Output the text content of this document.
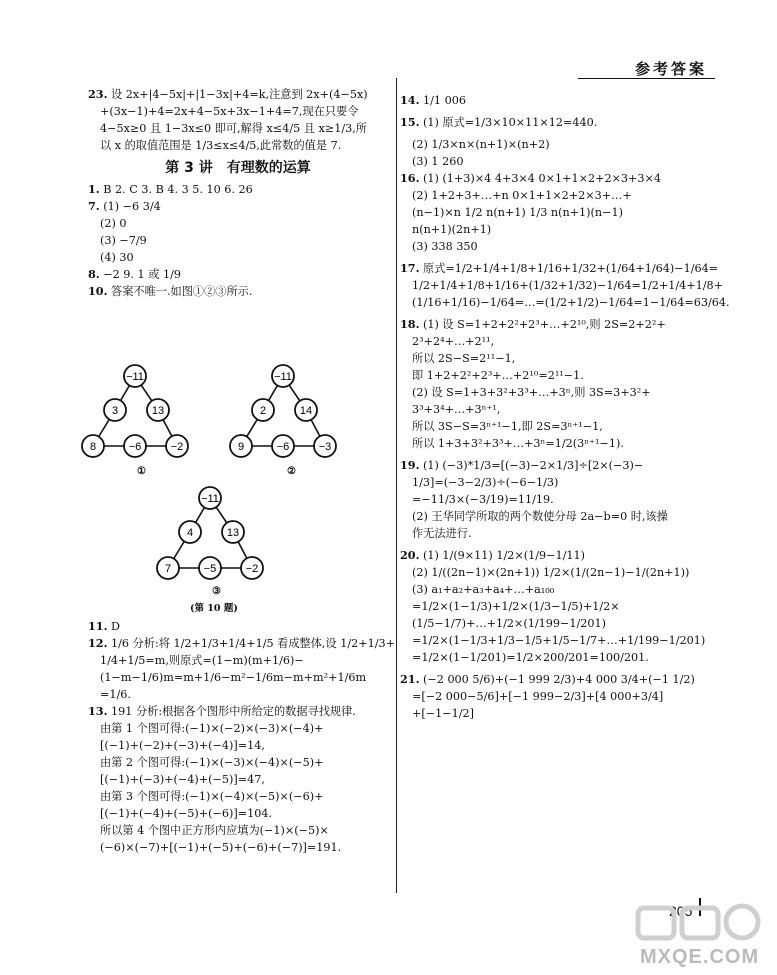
参考答案

23. 设 2x+|4−5x|+|1−3x|+4=k,注意到 2x+(4−5x)

+(3x−1)+4=2x+4−5x+3x−1+4=7,现在只要令

4−5x≥0 且 1−3x≤0 即可,解得 x≤4/5 且 x≥1/3,所

以 x 的取值范围是 1/3≤x≤4/5,此常数的值是 7.

第 3 讲　有理数的运算

1. B 2. C 3. B 4. 3 5. 10 6. 26

7. (1) −6 3/4

(2) 0

(3) −7/9

(4) 30

8. −2 9. 1 或 1/9

10. 答案不唯一.如图①②③所示.

−11
3	13
8	−6	−2
①
−11
2	14
9	−6	−3
②
−11
4	13
7	−5	−2
③
(第 10 题)

11. D

12. 1/6 分析:将 1/2+1/3+1/4+1/5 看成整体,设 1/2+1/3+

1/4+1/5=m,则原式=(1−m)(m+1/6)−

(1−m−1/6)m=m+1/6−m²−1/6m−m+m²+1/6m

=1/6.

13. 191 分析:根据各个图形中所给定的数据寻找规律.

由第 1 个图可得:(−1)×(−2)×(−3)×(−4)+

[(−1)+(−2)+(−3)+(−4)]=14,

由第 2 个图可得:(−1)×(−3)×(−4)×(−5)+

[(−1)+(−3)+(−4)+(−5)]=47,

由第 3 个图可得:(−1)×(−4)×(−5)×(−6)+

[(−1)+(−4)+(−5)+(−6)]=104.

所以第 4 个图中正方形内应填为(−1)×(−5)×

(−6)×(−7)+[(−1)+(−5)+(−6)+(−7)]=191.

14. 1/1 006

15. (1) 原式=1/3×10×11×12=440.

(2) 1/3×n×(n+1)×(n+2)

(3) 1 260

16. (1) (1+3)×4 4+3×4 0×1+1×2+2×3+3×4

(2) 1+2+3+…+n 0×1+1×2+2×3+…+

(n−1)×n 1/2 n(n+1) 1/3 n(n+1)(n−1)

n(n+1)(2n+1)

(3) 338 350

17. 原式=1/2+1/4+1/8+1/16+1/32+(1/64+1/64)−1/64=

1/2+1/4+1/8+1/16+(1/32+1/32)−1/64=1/2+1/4+1/8+

(1/16+1/16)−1/64=…=(1/2+1/2)−1/64=1−1/64=63/64.

18. (1) 设 S=1+2+2²+2³+…+2¹⁰,则 2S=2+2²+

2³+2⁴+…+2¹¹,

所以 2S−S=2¹¹−1,

即 1+2+2²+2³+…+2¹⁰=2¹¹−1.

(2) 设 S=1+3+3²+3³+…+3ⁿ,则 3S=3+3²+

3³+3⁴+…+3ⁿ⁺¹,

所以 3S−S=3ⁿ⁺¹−1,即 2S=3ⁿ⁺¹−1,

所以 1+3+3²+3³+…+3ⁿ=1/2(3ⁿ⁺¹−1).

19. (1) (−3)*1/3=[(−3)−2×1/3]÷[2×(−3)−

1/3]=(−3−2/3)÷(−6−1/3)

=−11/3×(−3/19)=11/19.

(2) 王华同学所取的两个数使分母 2a−b=0 时,该操

作无法进行.

20. (1) 1/(9×11) 1/2×(1/9−1/11)

(2) 1/((2n−1)×(2n+1)) 1/2×(1/(2n−1)−1/(2n+1))

(3) a₁+a₂+a₃+a₄+…+a₁₀₀

=1/2×(1−1/3)+1/2×(1/3−1/5)+1/2×

(1/5−1/7)+…+1/2×(1/199−1/201)

=1/2×(1−1/3+1/3−1/5+1/5−1/7+…+1/199−1/201)

=1/2×(1−1/201)=1/2×200/201=100/201.

21. (−2 000 5/6)+(−1 999 2/3)+4 000 3/4+(−1 1/2)

=[−2 000−5/6]+[−1 999−2/3]+[4 000+3/4]

+[−1−1/2]

205
MXQE.COM
